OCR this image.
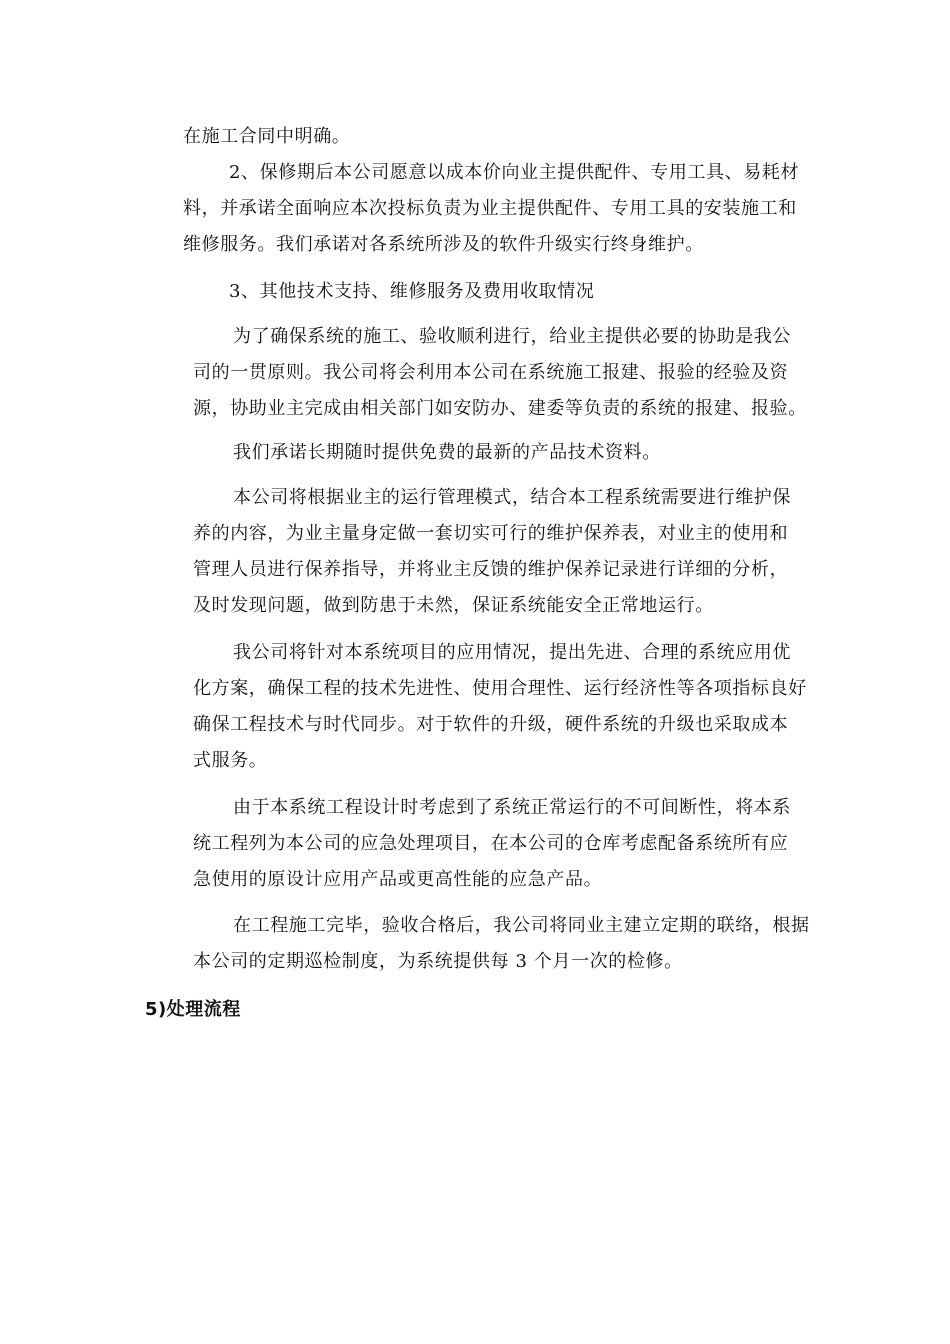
在施工合同中明确。
2、保修期后本公司愿意以成本价向业主提供配件、专用工具、易耗材
料，并承诺全面响应本次投标负责为业主提供配件、专用工具的安装施工和
维修服务。我们承诺对各系统所涉及的软件升级实行终身维护。
3、其他技术支持、维修服务及费用收取情况
为了确保系统的施工、验收顺利进行，给业主提供必要的协助是我公
司的一贯原则。我公司将会利用本公司在系统施工报建、报验的经验及资
源，协助业主完成由相关部门如安防办、建委等负责的系统的报建、报验。
我们承诺长期随时提供免费的最新的产品技术资料。
本公司将根据业主的运行管理模式，结合本工程系统需要进行维护保
养的内容，为业主量身定做一套切实可行的维护保养表，对业主的使用和
管理人员进行保养指导，并将业主反馈的维护保养记录进行详细的分析，
及时发现问题，做到防患于未然，保证系统能安全正常地运行。
我公司将针对本系统项目的应用情况，提出先进、合理的系统应用优
化方案，确保工程的技术先进性、使用合理性、运行经济性等各项指标良好
确保工程技术与时代同步。对于软件的升级，硬件系统的升级也采取成本
式服务。
由于本系统工程设计时考虑到了系统正常运行的不可间断性，将本系
统工程列为本公司的应急处理项目，在本公司的仓库考虑配备系统所有应
急使用的原设计应用产品或更高性能的应急产品。
在工程施工完毕，验收合格后，我公司将同业主建立定期的联络，根据
本公司的定期巡检制度，为系统提供每 3 个月一次的检修。
5)处理流程
